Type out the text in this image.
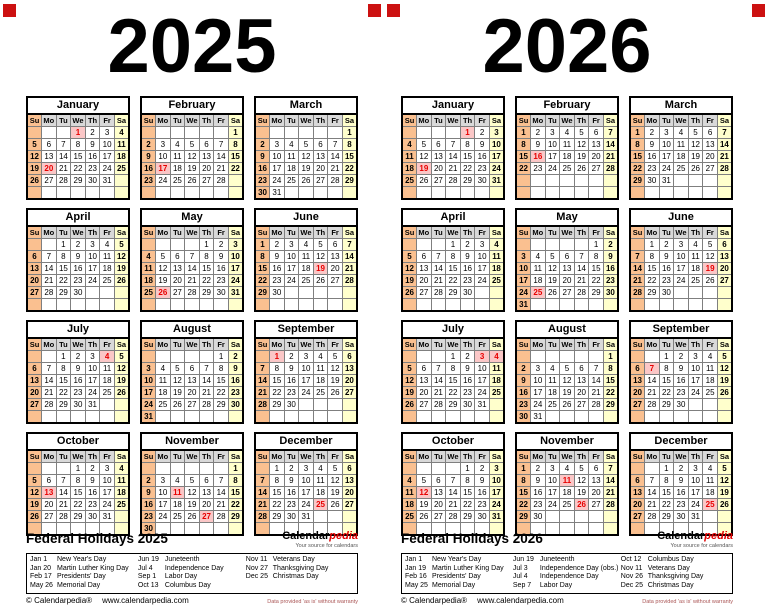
2025
January
Su	Mo	Tu	We	Th	Fr	Sa
			1	2	3	4
5	6	7	8	9	10	11
12	13	14	15	16	17	18
19	20	21	22	23	24	25
26	27	28	29	30	31	

February
Su	Mo	Tu	We	Th	Fr	Sa
						1
2	3	4	5	6	7	8
9	10	11	12	13	14	15
16	17	18	19	20	21	22
23	24	25	26	27	28	

March
Su	Mo	Tu	We	Th	Fr	Sa
						1
2	3	4	5	6	7	8
9	10	11	12	13	14	15
16	17	18	19	20	21	22
23	24	25	26	27	28	29
30	31					
April
Su	Mo	Tu	We	Th	Fr	Sa
		1	2	3	4	5
6	7	8	9	10	11	12
13	14	15	16	17	18	19
20	21	22	23	24	25	26
27	28	29	30			

May
Su	Mo	Tu	We	Th	Fr	Sa
				1	2	3
4	5	6	7	8	9	10
11	12	13	14	15	16	17
18	19	20	21	22	23	24
25	26	27	28	29	30	31

June
Su	Mo	Tu	We	Th	Fr	Sa
1	2	3	4	5	6	7
8	9	10	11	12	13	14
15	16	17	18	19	20	21
22	23	24	25	26	27	28
29	30					

July
Su	Mo	Tu	We	Th	Fr	Sa
		1	2	3	4	5
6	7	8	9	10	11	12
13	14	15	16	17	18	19
20	21	22	23	24	25	26
27	28	29	30	31		

August
Su	Mo	Tu	We	Th	Fr	Sa
					1	2
3	4	5	6	7	8	9
10	11	12	13	14	15	16
17	18	19	20	21	22	23
24	25	26	27	28	29	30
31						
September
Su	Mo	Tu	We	Th	Fr	Sa
	1	2	3	4	5	6
7	8	9	10	11	12	13
14	15	16	17	18	19	20
21	22	23	24	25	26	27
28	29	30				

October
Su	Mo	Tu	We	Th	Fr	Sa
			1	2	3	4
5	6	7	8	9	10	11
12	13	14	15	16	17	18
19	20	21	22	23	24	25
26	27	28	29	30	31	

November
Su	Mo	Tu	We	Th	Fr	Sa
						1
2	3	4	5	6	7	8
9	10	11	12	13	14	15
16	17	18	19	20	21	22
23	24	25	26	27	28	29
30						
December
Su	Mo	Tu	We	Th	Fr	Sa
	1	2	3	4	5	6
7	8	9	10	11	12	13
14	15	16	17	18	19	20
21	22	23	24	25	26	27
28	29	30	31			

Federal Holidays 2025	Calendarpedia
Your source for calendars
Jan 1 New Year's Day
Jan 20 Martin Luther King Day
Feb 17 Presidents' Day
May 26 Memorial Day
Jun 19 Juneteenth
Jul 4 Independence Day
Sep 1 Labor Day
Oct 13 Columbus Day
Nov 11 Veterans Day
Nov 27 Thanksgiving Day
Dec 25 Christmas Day
© Calendarpedia® www.calendarpedia.com	Data provided 'as is' without warranty
2026
January
Su	Mo	Tu	We	Th	Fr	Sa
				1	2	3
4	5	6	7	8	9	10
11	12	13	14	15	16	17
18	19	20	21	22	23	24
25	26	27	28	29	30	31

February
Su	Mo	Tu	We	Th	Fr	Sa
1	2	3	4	5	6	7
8	9	10	11	12	13	14
15	16	17	18	19	20	21
22	23	24	25	26	27	28

March
Su	Mo	Tu	We	Th	Fr	Sa
1	2	3	4	5	6	7
8	9	10	11	12	13	14
15	16	17	18	19	20	21
22	23	24	25	26	27	28
29	30	31				

April
Su	Mo	Tu	We	Th	Fr	Sa
			1	2	3	4
5	6	7	8	9	10	11
12	13	14	15	16	17	18
19	20	21	22	23	24	25
26	27	28	29	30		

May
Su	Mo	Tu	We	Th	Fr	Sa
					1	2
3	4	5	6	7	8	9
10	11	12	13	14	15	16
17	18	19	20	21	22	23
24	25	26	27	28	29	30
31						
June
Su	Mo	Tu	We	Th	Fr	Sa
	1	2	3	4	5	6
7	8	9	10	11	12	13
14	15	16	17	18	19	20
21	22	23	24	25	26	27
28	29	30				

July
Su	Mo	Tu	We	Th	Fr	Sa
			1	2	3	4
5	6	7	8	9	10	11
12	13	14	15	16	17	18
19	20	21	22	23	24	25
26	27	28	29	30	31	

August
Su	Mo	Tu	We	Th	Fr	Sa
						1
2	3	4	5	6	7	8
9	10	11	12	13	14	15
16	17	18	19	20	21	22
23	24	25	26	27	28	29
30	31					
September
Su	Mo	Tu	We	Th	Fr	Sa
		1	2	3	4	5
6	7	8	9	10	11	12
13	14	15	16	17	18	19
20	21	22	23	24	25	26
27	28	29	30			

October
Su	Mo	Tu	We	Th	Fr	Sa
				1	2	3
4	5	6	7	8	9	10
11	12	13	14	15	16	17
18	19	20	21	22	23	24
25	26	27	28	29	30	31

November
Su	Mo	Tu	We	Th	Fr	Sa
1	2	3	4	5	6	7
8	9	10	11	12	13	14
15	16	17	18	19	20	21
22	23	24	25	26	27	28
29	30					

December
Su	Mo	Tu	We	Th	Fr	Sa
		1	2	3	4	5
6	7	8	9	10	11	12
13	14	15	16	17	18	19
20	21	22	23	24	25	26
27	28	29	30	31		

Federal Holidays 2026	Calendarpedia
Your source for calendars
Jan 1 New Year's Day
Jan 19 Martin Luther King Day
Feb 16 Presidents' Day
May 25 Memorial Day
Jun 19 Juneteenth
Jul 3 Independence Day (obs.)
Jul 4 Independence Day
Sep 7 Labor Day
Oct 12 Columbus Day
Nov 11 Veterans Day
Nov 26 Thanksgiving Day
Dec 25 Christmas Day
© Calendarpedia® www.calendarpedia.com	Data provided 'as is' without warranty
